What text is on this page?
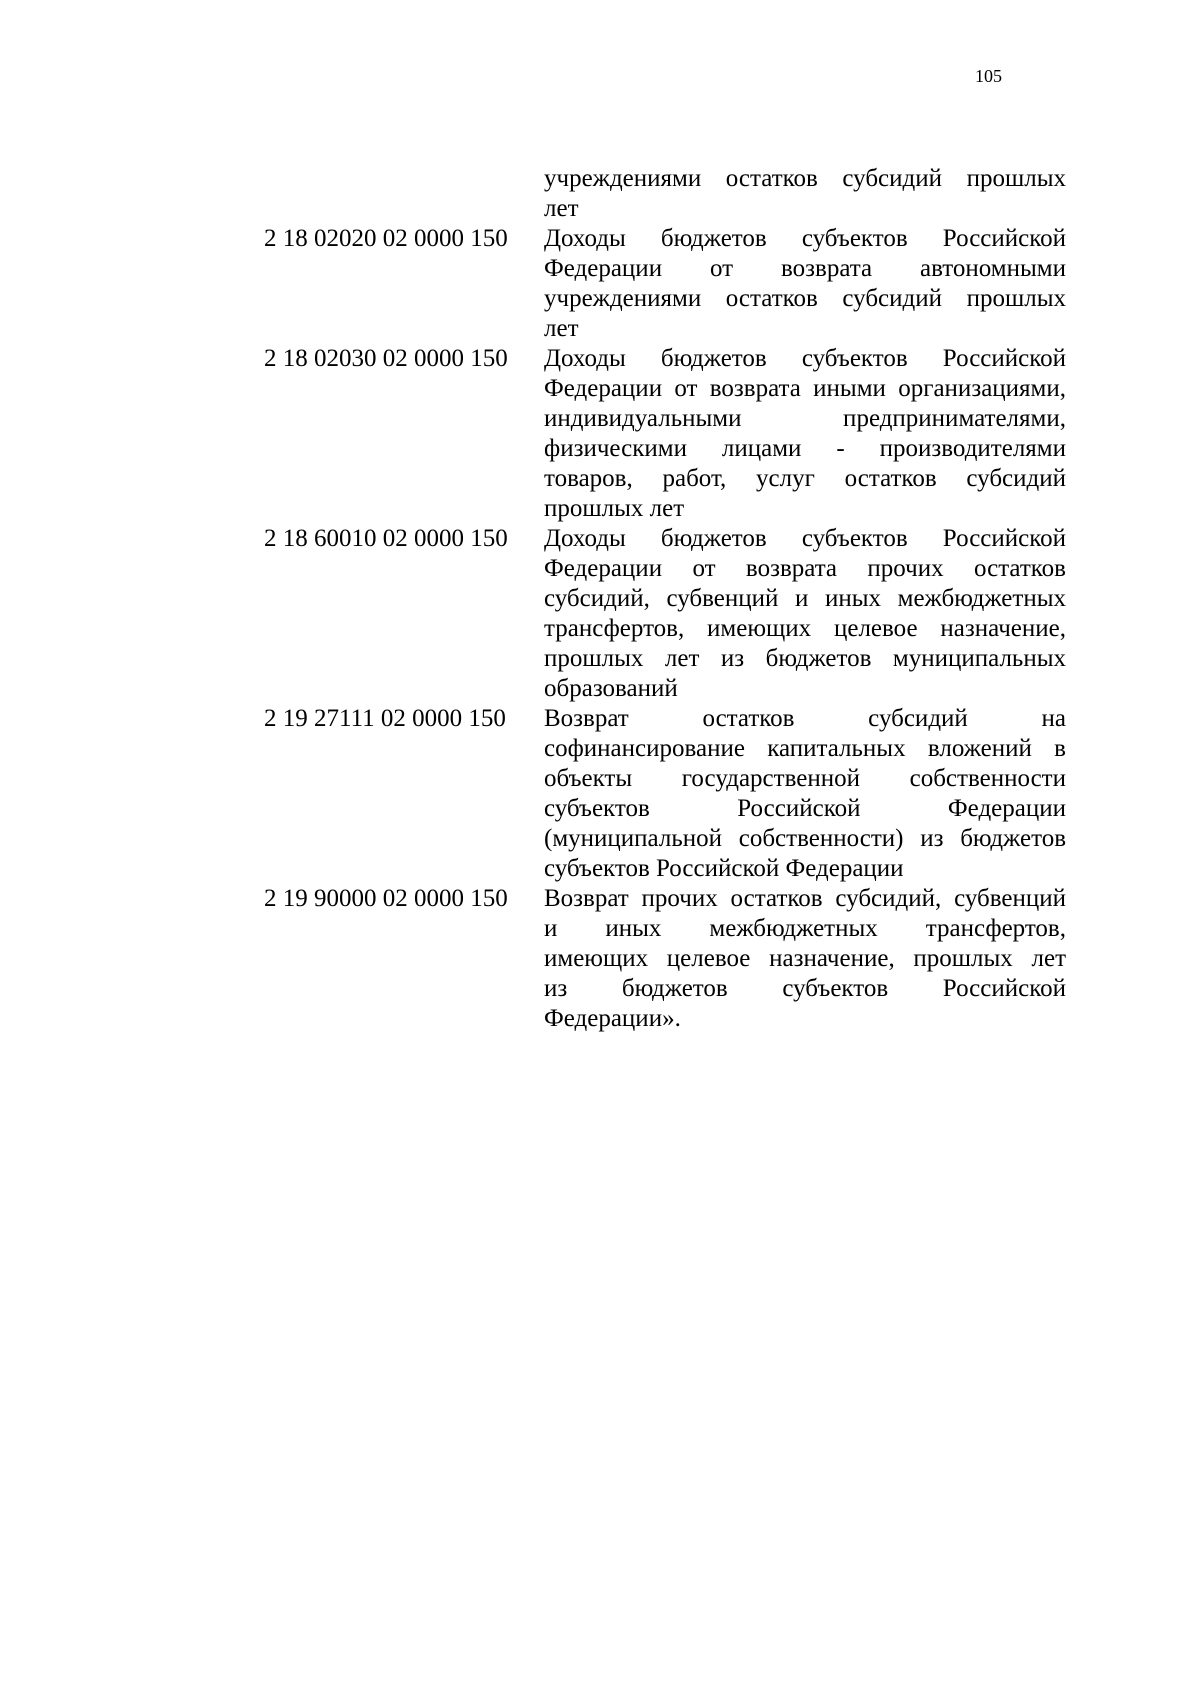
105
учреждениями остатков субсидий прошлых
лет
2 18 02020 02 0000 150	Доходы бюджетов субъектов Российской
Федерации от возврата автономными
учреждениями остатков субсидий прошлых
лет
2 18 02030 02 0000 150	Доходы бюджетов субъектов Российской
Федерации от возврата иными организациями,
индивидуальными предпринимателями,
физическими лицами - производителями
товаров, работ, услуг остатков субсидий
прошлых лет
2 18 60010 02 0000 150	Доходы бюджетов субъектов Российской
Федерации от возврата прочих остатков
субсидий, субвенций и иных межбюджетных
трансфертов, имеющих целевое назначение,
прошлых лет из бюджетов муниципальных
образований
2 19 27111 02 0000 150	Возврат остатков субсидий на
софинансирование капитальных вложений в
объекты государственной собственности
субъектов Российской Федерации
(муниципальной собственности) из бюджетов
субъектов Российской Федерации
2 19 90000 02 0000 150	Возврат прочих остатков субсидий, субвенций
и иных межбюджетных трансфертов,
имеющих целевое назначение, прошлых лет
из бюджетов субъектов Российской
Федерации».
